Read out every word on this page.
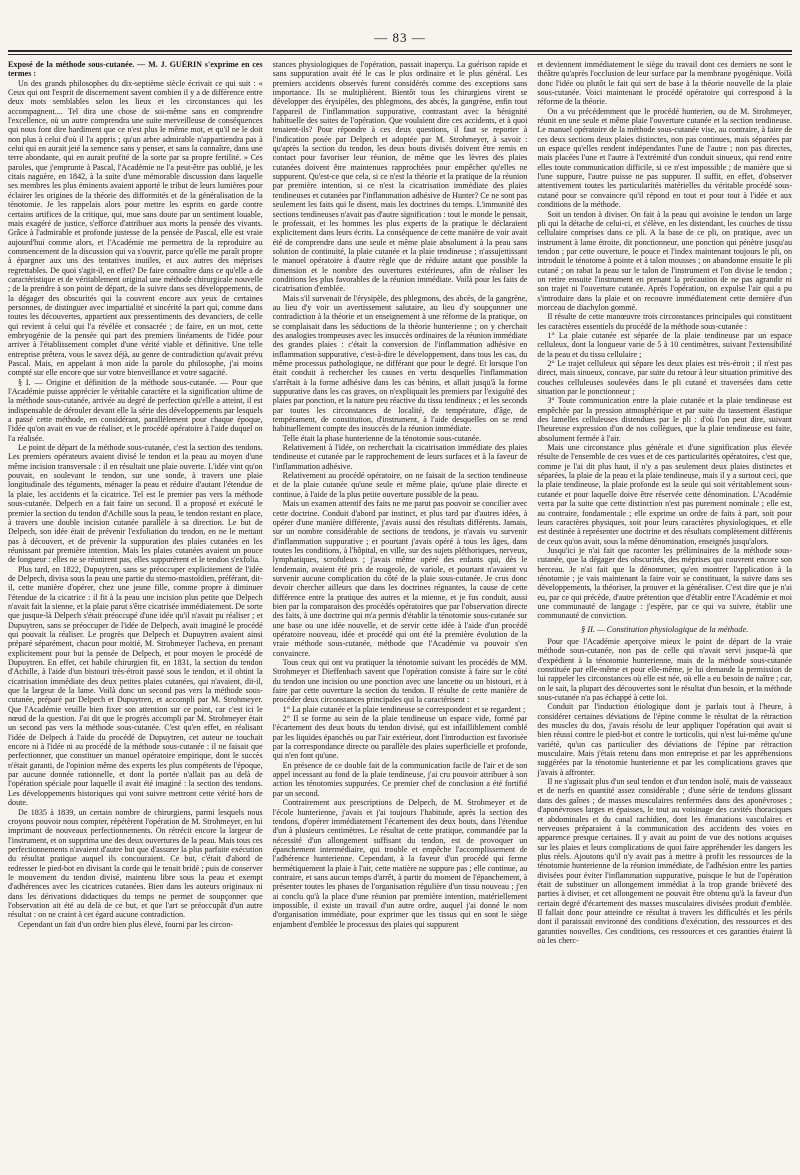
— 83 —

Exposé de la méthode sous-cutanée. — M. J. GUÉRIN s'exprime en ces termes :

Un des grands philosophes du dix-septième siècle écrivait ce qui suit : « Ceux qui ont l'esprit de discernement savent combien il y a de différence entre deux mots semblables selon les lieux et les circonstances qui les accompagnent.... Tel dira une chose de soi-même sans en comprendre l'excellence, où un autre comprendra une suite merveilleuse de conséquences qui nous font dire hardiment que ce n'est plus le même mot, et qu'il ne le doit non plus à celui d'où il l'a appris ; qu'un arbre admirable n'appartiendra pas à celui qui en aurait jeté la semence sans y penser, et sans la connaître, dans une terre abondante, qui en aurait profité de la sorte par sa propre fertilité. » Ces paroles, que j'emprunte à Pascal, l'Académie ne l'a peut-être pas oublié, je les citais naguère, en 1842, à la suite d'une mémorable discussion dans laquelle ses membres les plus éminents avaient apporté le tribut de leurs lumières pour éclairer les origines de la théorie des difformités et de la généralisation de la ténotomie. Je les rappelais alors pour mettre les esprits en garde contre certains artifices de la critique, qui, mue sans doute par un sentiment louable, mais exagéré de justice, s'efforce d'attribuer aux morts la pensée des vivants. Grâce à l'admirable et profonde justesse de la pensée de Pascal, elle est vraie aujourd'hui comme alors, et l'Académie me permettra de la reproduire au commencement de la discussion qui va s'ouvrir, parce qu'elle me paraît propre à épargner aux uns des tentatives inutiles, et aux autres des méprises regrettables. De quoi s'agit-il, en effet? De faire connaître dans ce qu'elle a de caractéristique et de véritablement original une méthode chirurgicale nouvelle ; de la prendre à son point de départ, de la suivre dans ses développements, de la dégager des obscurités qui la couvrent encore aux yeux de certaines personnes, de distinguer avec impartialité et sincérité la part qui, comme dans toutes les découvertes, appartient aux pressentiments des devanciers, de celle qui revient à celui qui l'a révélée et consacrée ; de faire, en un mot, cette embryogénie de la pensée qui part des premiers linéaments de l'idée pour arriver à l'établissement complet d'une vérité viable et définitive. Une telle entreprise prêtera, vous le savez déjà, au genre de contradiction qu'avait prévu Pascal. Mais, en appelant à mon aide la parole du philosophe, j'ai moins compté sur elle encore que sur votre bienveillance et votre sagacité.

§ I. — Origine et définition de la méthode sous-cutanée. — Pour que l'Académie puisse apprécier le véritable caractère et la signification ultime de la méthode sous-cutanée, arrivée au degré de perfection qu'elle a atteint, il est indispensable de dérouler devant elle la série des développements par lesquels a passé cette méthode, en considérant, parallèlement pour chaque époque, l'idée qu'on avait en vue de réaliser, et le procédé opératoire à l'aide duquel on l'a réalisée.

Le point de départ de la méthode sous-cutanée, c'est la section des tendons. Les premiers opérateurs avaient divisé le tendon et la peau au moyen d'une même incision transversale : il en résultait une plaie ouverte. L'idée vint qu'on pouvait, en soulevant le tendon, sur une sonde, à travers une plaie longitudinale des téguments, ménager la peau et réduire d'autant l'étendue de la plaie, les accidents et la cicatrice. Tel est le premier pas vers la méthode sous-cutanée. Delpech en a fait faire un second. Il a proposé et exécuté le premier la section du tendon d'Achille sous la peau, le tendon restant en place, à travers une double incision cutanée parallèle à sa direction. Le but de Delpech, son idée était de prévenir l'exfoliation du tendon, en ne le mettant pas à découvert, et de prévenir la suppuration des plaies cutanées en les réunissant par première intention. Mais les plaies cutanées avaient un pouce de longueur : elles ne se réunirent pas, elles suppurèrent et le tendon s'exfolia.

Plus tard, en 1822, Dupuytren, sans se préoccuper explicitement de l'idée de Delpech, divisa sous la peau une partie du sterno-mastoïdien, préférant, dit-il, cette manière d'opérer, chez une jeune fille, comme propre à diminuer l'étendue de la cicatrice : il fit à la peau une incision plus petite que Delpech n'avait fait la sienne, et la plaie parut s'être cicatrisée immédiatement. De sorte que jusque-là Delpech s'était préoccupé d'une idée qu'il n'avait pu réaliser ; et Dupuytren, sans se préoccuper de l'idée de Delpech, avait imaginé le procédé qui pouvait la réaliser. Le progrès que Delpech et Dupuytren avaient ainsi préparé séparément, chacun pour moitié, M. Strohmeyer l'acheva, en prenant explicitement pour but la pensée de Delpech, et pour moyen le procédé de Dupuytren. En effet, cet habile chirurgien fit, en 1831, la section du tendon d'Achille, à l'aide d'un bistouri très-étroit passé sous le tendon, et il obtint la cicatrisation immédiate des deux petites plaies cutanées, qui n'avaient, dit-il, que la largeur de la lame. Voilà donc un second pas vers la méthode sous-cutanée, préparé par Delpech et Dupuytren, et accompli par M. Strohmeyer. Que l'Académie veuille bien fixer son attention sur ce point, car c'est ici le nœud de la question. J'ai dit que le progrès accompli par M. Strohmeyer était un second pas vers la méthode sous-cutanée. C'est qu'en effet, en réalisant l'idée de Delpech à l'aide du procédé de Dupuytren, cet auteur ne touchait encore ni à l'idée ni au procédé de la méthode sous-cutanée : il ne faisait que perfectionner, que constituer un manuel opératoire empirique, dont le succès n'était garanti, de l'opinion même des experts les plus compétents de l'époque, par aucune donnée rationnelle, et dont la portée n'allait pas au delà de l'opération spéciale pour laquelle il avait été imaginé : la section des tendons. Les développements historiques qui vont suivre mettront cette vérité hors de doute.

De 1835 à 1839, un certain nombre de chirurgiens, parmi lesquels nous croyons pouvoir nous compter, répétèrent l'opération de M. Strohmeyer, en lui imprimant de nouveaux perfectionnements. On rétrécit encore la largeur de l'instrument, et on supprima une des deux ouvertures de la peau. Mais tous ces perfectionnements n'avaient d'autre but que d'assurer la plus parfaite exécution du résultat pratique auquel ils concouraient. Ce but, c'était d'abord de redresser le pied-bot en divisant la corde qui le tenait bridé ; puis de conserver le mouvement du tendon divisé, maintenu libre sous la peau et exempt d'adhérences avec les cicatrices cutanées. Bien dans les auteurs originaux ni dans les dérivations didactiques du temps ne permet de soupçonner que l'observation ait été au delà de ce but, et que l'art se préoccupât d'un autre résultat : on ne craint à cet égard aucune contradiction.

Cependant un fait d'un ordre bien plus élevé, fourni par les circon-

stances physiologiques de l'opération, passait inaperçu. La guérison rapide et sans suppuration avait été le cas le plus ordinaire et le plus général. Les premiers accidents observés furent considérés comme des exceptions sans importance. Ils se multiplièrent. Bientôt tous les chirurgiens virent se développer des érysipèles, des phlegmons, des abcès, la gangrène, enfin tout l'appareil de l'inflammation suppurative, contrastant avec la bénignité habituelle des suites de l'opération. Que voulaient dire ces accidents, et à quoi tenaient-ils? Pour répondre à ces deux questions, il faut se reporter à l'indication posée par Delpech et adoptée par M. Strohmeyer, à savoir : qu'après la section du tendon, les deux bouts divisés doivent être remis en contact pour favoriser leur réunion, de même que les lèvres des plaies cutanées doivent être maintenues rapprochées pour empêcher qu'elles ne suppurent. Qu'est-ce que cela, si ce n'est la théorie et la pratique de la réunion par première intention, si ce n'est la cicatrisation immédiate des plaies tendineuses et cutanées par l'inflammation adhésive de Hunter? Ce ne sont pas seulement les faits qui le disent, mais les doctrines du temps. L'immunité des sections tendineuses n'avait pas d'autre signification : tout le monde le pensait, le professait, et les hommes les plus experts de la pratique le déclaraient explicitement dans leurs écrits. La conséquence de cette manière de voir avait été de comprendre dans une seule et même plaie absolument à la peau sans solution de continuité, la plaie cutanée et la plaie tendineuse ; n'assujettissant le manuel opératoire à d'autre règle que de réduire autant que possible la dimension et le nombre des ouvertures extérieures, afin de réaliser les conditions les plus favorables de la réunion immédiate. Voilà pour les faits de cicatrisation d'emblée.

Mais s'il survenait de l'érysipèle, des phlegmons, des abcès, de la gangrène, au lieu d'y voir un avertissement salutaire, au lieu d'y soupçonner une contradiction à la théorie et un enseignement à une réforme de la pratique, on se complaisait dans les séductions de la théorie hunterienne ; on y cherchait des analogies trompeuses avec les insuccès ordinaires de la réunion immédiate des grandes plaies : c'était la conversion de l'inflammation adhésive en inflammation suppurative, c'est-à-dire le développement, dans tous les cas, du même processus pathologique, ne différant que pour le degré. Et lorsque l'on était conduit à rechercher les causes en vertu desquelles l'inflammation s'arrêtait à la forme adhésive dans les cas bénins, et allait jusqu'à la forme suppurative dans les cas graves, on n'expliquait les premiers par l'exiguïté des plaies par ponction, et la nature peu réactive du tissu tendineux ; et les seconds par toutes les circonstances de localité, de température, d'âge, de tempérament, de constitution, d'instrument, à l'aide desquelles on se rend habituellement compte des insuccès de la réunion immédiate.

Telle était la phase hunterienne de la ténotomie sous-cutanée.

Relativement à l'idée, on recherchait la cicatrisation immédiate des plaies tendineuse et cutanée par le rapprochement de leurs surfaces et à la faveur de l'inflammation adhésive.

Relativement au procédé opératoire, on ne faisait de la section tendineuse et de la plaie cutanée qu'une seule et même plaie, qu'une plaie directe et continue, à l'aide de la plus petite ouverture possible de la peau.

Mais un examen attentif des faits ne me parut pas pouvoir se concilier avec cette doctrine. Conduit d'abord par instinct, et plus tard par d'autres idées, à opérer d'une manière différente, j'avais aussi des résultats différents. Jamais, sur un nombre considérable de sections de tendons, je n'avais vu survenir d'inflammation suppurative ; et pourtant j'avais opéré à tous les âges, dans toutes les conditions, à l'hôpital, en ville, sur des sujets pléthoriques, nerveux, lymphatiques, scrofuleux ; j'avais même opéré des enfants qui, dès le lendemain, avaient été pris de rougeole, de variole, et pourtant n'avaient vu survenir aucune complication du côté de la plaie sous-cutanée. Je crus donc devoir chercher ailleurs que dans les doctrines régnantes, la cause de cette différence entre la pratique des autres et la mienne, et je fus conduit, aussi bien par la comparaison des procédés opératoires que par l'observation directe des faits, à une doctrine qui m'a permis d'établir la ténotomie sous-cutanée sur une base ou une idée nouvelle, et de servir cette idée à l'aide d'un procédé opératoire nouveau, idée et procédé qui ont été la première évolution de la vraie méthode sous-cutanée, méthode que l'Académie va pouvoir s'en convaincre.

Tous ceux qui ont vu pratiquer la ténotomie suivant les procédés de MM. Strohmeyer et Dieffenbach savent que l'opération consiste à faire sur le côté du tendon une incision ou une ponction avec une lancette ou un bistouri, et à faire par cette ouverture la section du tendon. Il résulte de cette manière de procéder deux circonstances principales qui la caractérisent :

1° La plaie cutanée et la plaie tendineuse se correspondent et se regardent ;

2° Il se forme au sein de la plaie tendineuse un espace vide, formé par l'écartement des deux bouts du tendon divisé, qui est infailliblement comblé par les liquides épanchés ou par l'air extérieur, dont l'introduction est favorisée par la correspondance directe ou parallèle des plaies superficielle et profonde, qui n'en font qu'une.

En présence de ce double fait de la communication facile de l'air et de son appel incessant au fond de la plaie tendineuse, j'ai cru pouvoir attribuer à son action les ténotomies suppurées. Ce premier chef de conclusion a été fortifié par un second.

Contrairement aux prescriptions de Delpech, de M. Strohmeyer et de l'école hunterienne, j'avais et j'ai toujours l'habitude, après la section des tendons, d'opérer immédiatement l'écartement des deux bouts, dans l'étendue d'un à plusieurs centimètres. Le résultat de cette pratique, commandée par la nécessité d'un allongement suffisant du tendon, est de provoquer un épanchement intermédiaire, qui trouble et empêche l'accomplissement de l'adhérence hunterienne. Cependant, à la faveur d'un procédé qui ferme hermétiquement la plaie à l'air, cette matière ne suppure pas ; elle continue, au contraire, et sans aucun temps d'arrêt, à partir du moment de l'épanchement, à présenter toutes les phases de l'organisation régulière d'un tissu nouveau ; j'en ai conclu qu'à la place d'une réunion par première intention, matériellement impossible, il existe un travail d'un autre ordre, auquel j'ai donné le nom d'organisation immédiate, pour exprimer que les tissus qui en sont le siège enjambent d'emblée le processus des plaies qui suppurent

et deviennent immédiatement le siège du travail dont ces derniers ne sont le théâtre qu'après l'occlusion de leur surface par la membrane pyogénique. Voilà donc l'idée ou plutôt le fait qui sert de base à la théorie nouvelle de la plaie sous-cutanée. Voici maintenant le procédé opératoire qui correspond à la réforme de la théorie.

On a vu précédemment que le procédé hunterien, ou de M. Strohmeyer, réunit en une seule et même plaie l'ouverture cutanée et la section tendineuse. Le manuel opératoire de la méthode sous-cutanée vise, au contraire, à faire de ces deux sections deux plaies distinctes, non pas continues, mais séparées par un espace qu'elles rendent indépendantes l'une de l'autre ; non pas directes, mais placées l'une et l'autre à l'extrémité d'un conduit sinueux, qui rend entre elles toute communication difficile, si ce n'est impossible ; de manière que si l'une suppure, l'autre puisse ne pas suppurer. Il suffit, en effet, d'observer attentivement toutes les particularités matérielles du véritable procédé sous-cutané pour se convaincre qu'il répond en tout et pour tout à l'idée et aux conditions de la méthode.

Soit un tendon à diviser. On fait à la peau qui avoisine le tendon un large pli qui la détache de celui-ci, et s'élève, en les distendant, les couches de tissu cellulaire comprises dans ce pli. A la base de ce pli, on pratique, avec un instrument à lame étroite, dit ponctionneur, une ponction qui pénètre jusqu'au tendon ; par cette ouverture, le pouce et l'index maintenant toujours le pli, on introduit le ténotome à pointe et à talon mousses ; on abandonne ensuite le pli cutané ; on rabat la peau sur le talon de l'instrument et l'on divise le tendon ; on retire ensuite l'instrument en prenant la précaution de ne pas agrandir ni son trajet ni l'ouverture cutanée. Après l'opération, on expulse l'air qui a pu s'introduire dans la plaie et on recouvre immédiatement cette dernière d'un morceau de diachylon gommé.

Il résulte de cette manœuvre trois circonstances principales qui constituent les caractères essentiels du procédé de la méthode sous-cutanée :

1° La plaie cutanée est séparée de la plaie tendineuse par un espace celluleux, dont la longueur varie de 5 à 10 centimètres, suivant l'extensibilité de la peau et du tissu cellulaire ;

2° Le trajet celluleux qui sépare les deux plaies est très-étroit ; il n'est pas direct, mais sinueux, concave, par suite du retour à leur situation primitive des couches celluleuses soulevées dans le pli cutané et traversées dans cette situation par le ponctionneur ;

3° Toute communication entre la plaie cutanée et la plaie tendineuse est empêchée par la pression atmosphérique et par suite du tassement élastique des lamelles celluleuses distendues par le pli : d'où l'on peut dire, suivant l'heureuse expression d'un de nos collègues, que la plaie tendineuse est faite, absolument fermée à l'air.

Mais une circonstance plus générale et d'une signification plus élevée résulte de l'ensemble de ces vues et de ces particularités opératoires, c'est que, comme je l'ai dit plus haut, il n'y a pas seulement deux plaies distinctes et séparées, la plaie de la peau et la plaie tendineuse, mais il y a surtout ceci, que la plaie tendineuse, la plaie profonde est la seule qui soit véritablement sous-cutanée et pour laquelle doive être réservée cette dénomination. L'Académie verra par la suite que cette distinction n'est pas purement nominale ; elle est, au contraire, fondamentale ; elle exprime un ordre de faits à part, soit pour leurs caractères physiques, soit pour leurs caractères physiologiques, et elle est destinée à représenter une doctrine et des résultats complètement différents de ceux qu'on avait, sous la même dénomination, enseignés jusqu'alors.

Jusqu'ici je n'ai fait que raconter les préliminaires de la méthode sous-cutanée, que la dégager des obscurités, des méprises qui couvrent encore son berceau. Je n'ai fait que la dénommer, qu'en montrer l'application à la ténotomie ; je vais maintenant la faire voir se constituant, la suivre dans ses développements, la théoriser, la prouver et la généraliser. C'est dire que je n'ai eu, par ce qui précède, d'autre prétention que d'établir entre l'Académie et moi une communauté de langage : j'espère, par ce qui va suivre, établir une communauté de conviction.

§ II. — Constitution physiologique de la méthode.

Pour que l'Académie aperçoive mieux le point de départ de la vraie méthode sous-cutanée, non pas de celle qui n'avait servi jusque-là que d'expédient à la ténotomie hunterienne, mais de la méthode sous-cutanée constituée par elle-même et pour elle-même, je lui demande la permission de lui rappeler les circonstances où elle est née, où elle a eu besoin de naître ; car, on le sait, la plupart des découvertes sont le résultat d'un besoin, et la méthode sous-cutanée n'a pas échappé à cette loi.

Conduit par l'induction étiologique dont je parlais tout à l'heure, à considérer certaines déviations de l'épine comme le résultat de la rétraction des muscles du dos, j'avais résolu de leur appliquer l'opération qui avait si bien réussi contre le pied-bot et contre le torticolis, qui n'est lui-même qu'une variété, qu'un cas particulier des déviations de l'épine par rétraction musculaire. Mais j'étais retenu dans mon entreprise et par les appréhensions suggérées par la ténotomie hunterienne et par les complications graves que j'avais à affronter.

Il ne s'agissait plus d'un seul tendon et d'un tendon isolé, mais de vaisseaux et de nerfs en quantité assez considérable ; d'une série de tendons glissant dans des gaînes ; de masses musculaires renfermées dans des aponévroses ; d'aponévroses larges et épaisses, le tout au voisinage des cavités thoraciques et abdominales et du canal rachidien, dont les émanations vasculaires et nerveuses préparaient à la communication des accidents des voies en apparence presque certaines. Il y avait au point de vue des notions acquises sur les plaies et leurs complications de quoi faire appréhender les dangers les plus réels. Ajoutons qu'il n'y avait pas à mettre à profit les ressources de la ténotomie hunterienne de la réunion immédiate, de l'adhésion entre les parties divisées pour éviter l'inflammation suppurative, puisque le but de l'opération était de substituer un allongement immédiat à la trop grande brièveté des parties à diviser, et cet allongement ne pouvait être obtenu qu'à la faveur d'un certain degré d'écartement des masses musculaires divisées produit d'emblée. Il fallait donc pour atteindre ce résultat à travers les difficultés et les périls dont il paraissait environné des conditions d'exécution, des ressources et des garanties nouvelles. Ces conditions, ces ressources et ces garanties étaient là où les cherc-
